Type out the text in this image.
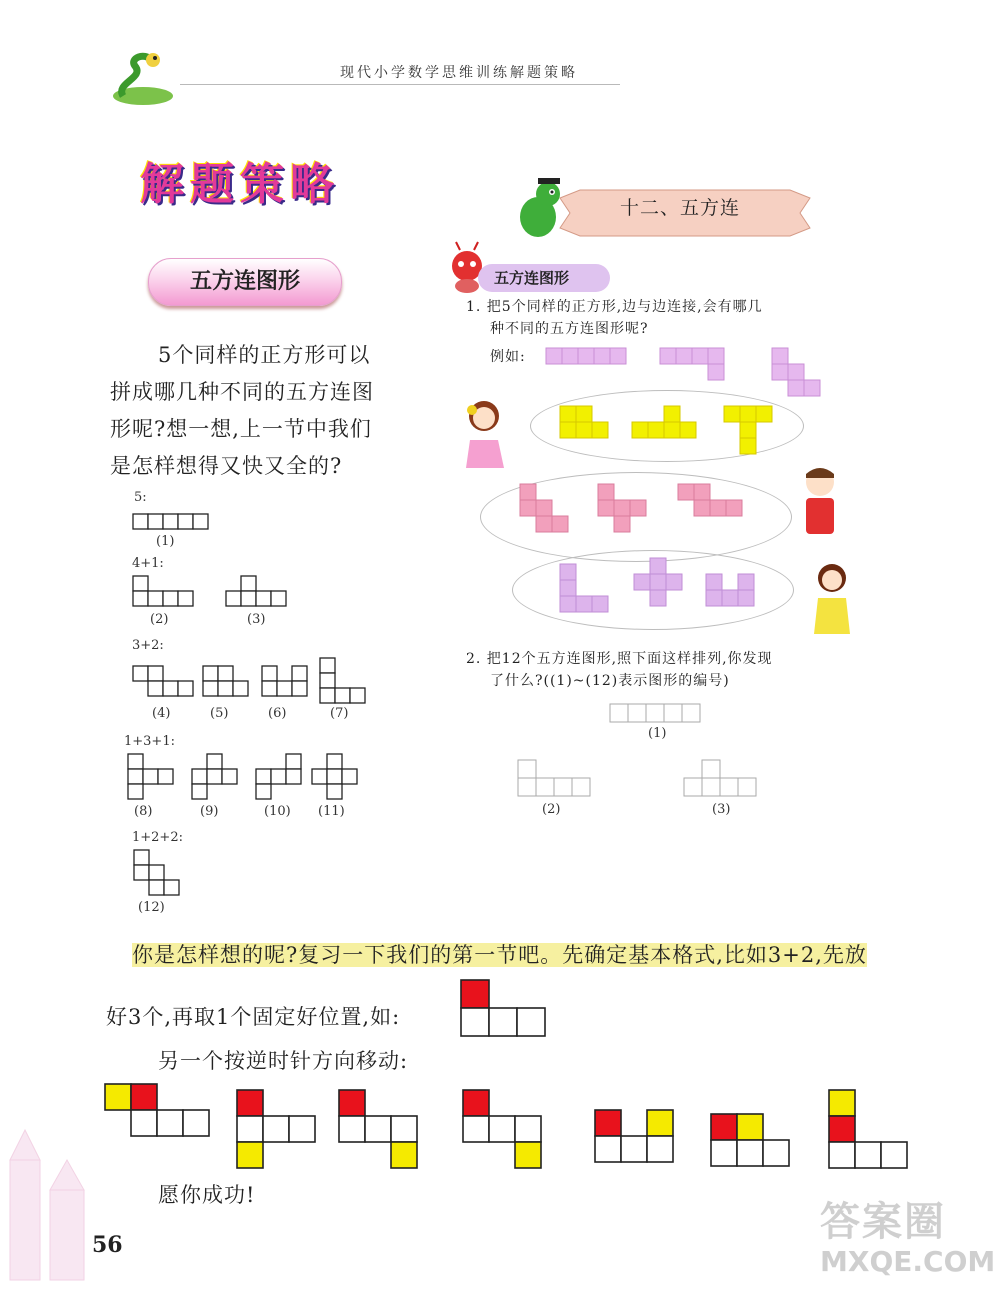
现代小学数学思维训练解题策略
解题策略
五方连图形
5个同样的正方形可以
拼成哪几种不同的五方连图
形呢?想一想,上一节中我们
是怎样想得又快又全的?
5:
4+1:
3+2:
1+3+1:
1+2+2:
(1)
(2)	(3)
(4)	(5)	(6)	(7)
(8)	(9)	(10) (11)
(12)
十二、五方连
五方连图形
1. 把5个同样的正方形,边与边连接,会有哪几
种不同的五方连图形呢?
例如:
2. 把12个五方连图形,照下面这样排列,你发现
了什么?((1)~(12)表示图形的编号)
(1)
(2)	(3)
你是怎样想的呢?复习一下我们的第一节吧。先确定基本格式,比如3+2,先放
好3个,再取1个固定好位置,如:
另一个按逆时针方向移动:
愿你成功!
56	答案圈
MXQE.COM
